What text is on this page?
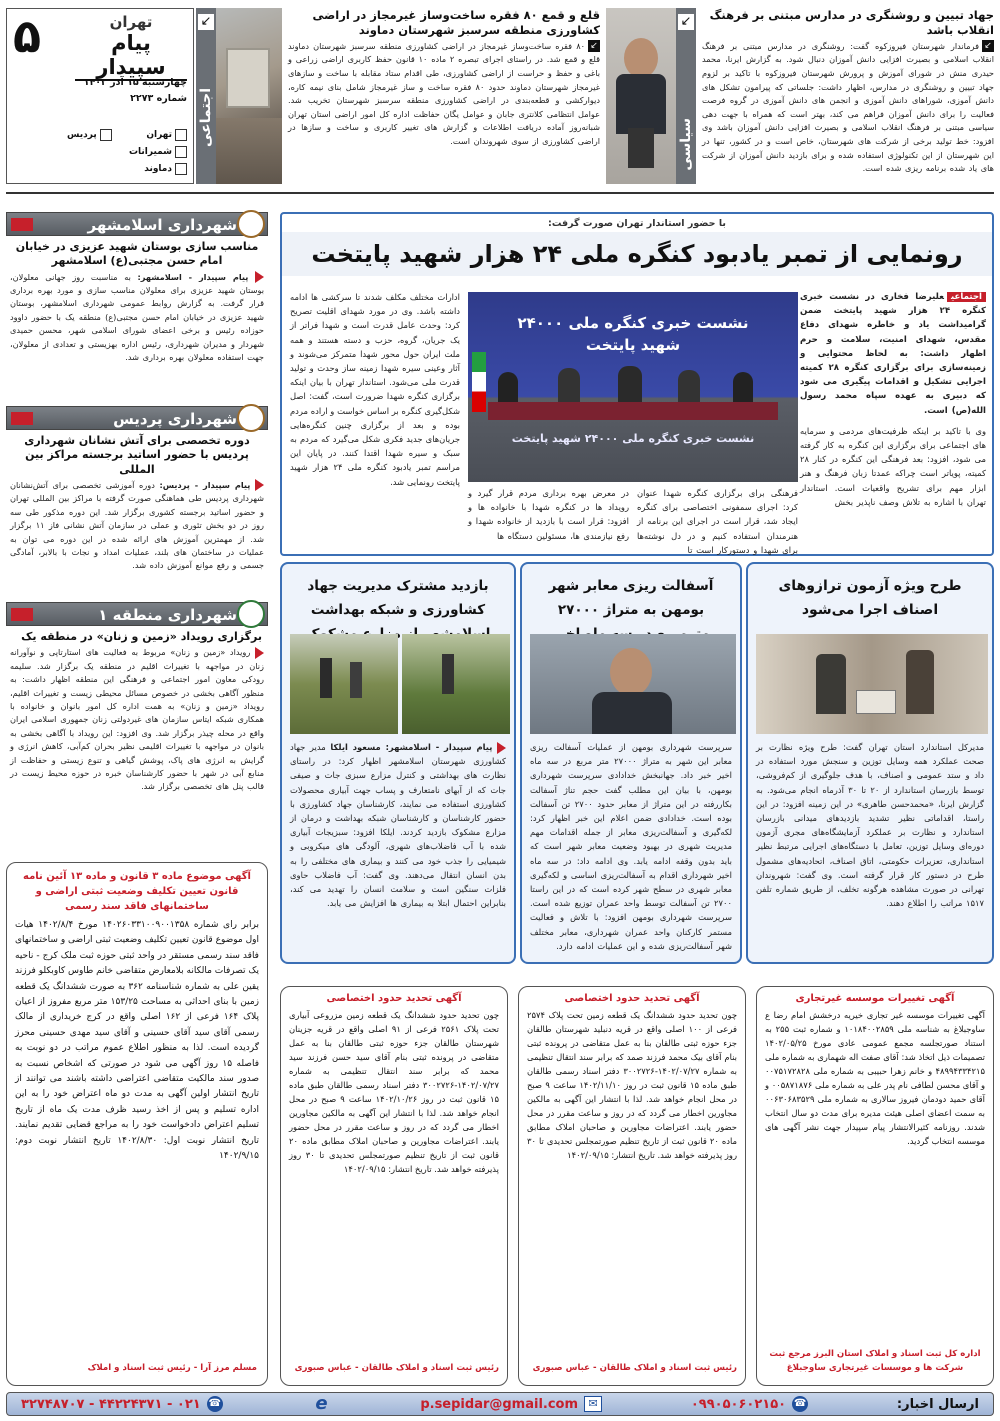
۵	تهران
پیام سپیدار
چهارشنبه ۱۵ آذر ۱۴۰۲
شماره ۲۲۷۳
تهران
پردیس
شمیرانات
دماوند
↙
اجتماعی
قلع و قمع ۸۰ فقره ساخت‌وساز غیرمجاز در اراضی کشاورزی منطقه سرسبز شهرستان دماوند

↙۸۰ فقره ساخت‌وساز غیرمجاز در اراضی کشاورزی منطقه سرسبز شهرستان دماوند قلع و قمع شد. در راستای اجرای تبصره ۲ ماده ۱۰ قانون حفظ کاربری اراضی زراعی و باغی و حفظ و حراست از اراضی کشاورزی، طی اقدام ستاد مقابله با ساخت و سازهای غیرمجاز شهرستان دماوند حدود ۸۰ فقره ساخت و ساز غیرمجاز شامل بنای نیمه کاره، دیوارکشی و قطعه‌بندی در اراضی کشاورزی منطقه سرسبز شهرستان تخریب شد. عوامل انتظامی کلانتری جابان و عوامل یگان حفاظت اداره کل امور اراضی استان تهران شبانه‌روز آماده دریافت اطلاعات و گزارش های تغییر کاربری و ساخت و سازها در اراضی کشاورزی از سوی شهروندان است.

↙
سیاسی
جهاد تبیین و روشنگری در مدارس مبتنی بر فرهنگ انقلاب باشد

↙فرماندار شهرستان فیروزکوه گفت: روشنگری در مدارس مبتنی بر فرهنگ انقلاب اسلامی و بصیرت افزایی دانش آموزان دنبال شود. به گزارش ایرنا، محمد حیدری منش در شورای آموزش و پرورش شهرستان فیروزکوه با تاکید بر لزوم جهاد تبیین و روشنگری در مدارس، اظهار داشت: جلساتی که پیرامون تشکل های دانش آموزی، شوراهای دانش آموزی و انجمن های دانش آموزی در گروه فرصت فعالیت را برای دانش آموزان فراهم می کند، بهتر است که همراه با جهت دهی سیاسی مبتنی بر فرهنگ انقلاب اسلامی و بصیرت افزایی دانش آموزان باشد وی افزود: خط تولید برخی از شرکت های شهرستان، خاص است و در کشور، تنها در این شهرستان از این تکنولوژی استفاده شده و برای بازدید دانش آموزان از شرکت های یاد شده برنامه ریزی شده است.

شهرداری اسلامشهر
مناسب سازی بوستان شهید عزیزی در خیابان امام حسن مجتبی(ع) اسلامشهر

پیام سپیدار - اسلامشهر: به مناسبت روز جهانی معلولان، بوستان شهید عزیزی برای معلولان مناسب سازی و مورد بهره برداری قرار گرفت. به گزارش روابط عمومی شهرداری اسلامشهر، بوستان شهید عزیزی در خیابان امام حسن مجتبی(ع) منطقه یک با حضور داوود حوزاده رئیس و برخی اعضای شورای اسلامی شهر، محسن حمیدی شهردار و مدیران شهرداری، رئیس اداره بهزیستی و تعدادی از معلولان، جهت استفاده معلولان بهره برداری شد.

شهرداری پردیس
دوره تخصصی برای آتش نشانان شهرداری پردیس با حضور اساتید برجسته مراکز بین المللی

پیام سپیدار - پردیس: دوره آموزشی تخصصی برای آتش‌نشانان شهرداری پردیس طی هماهنگی صورت گرفته با مراکز بین المللی تهران و حضور اساتید برجسته کشوری برگزار شد. این دوره مذکور طی سه روز در دو بخش تئوری و عملی در سازمان آتش نشانی فاز ۱۱ برگزار شد. از مهمترین آموزش های ارائه شده در این دوره می توان به عملیات در ساختمان های بلند، عملیات امداد و نجات با بالابر، آمادگی جسمی و رفع موانع آموزش داده شد.

شهرداری منطقه ۱
برگزاری رویداد «زمین و زنان» در منطقه یک

رویداد «زمین و زنان» مربوط به فعالیت های استارتاپی و نوآورانه زنان در مواجهه با تغییرات اقلیم در منطقه یک برگزار شد. سلیمه رودکی معاون امور اجتماعی و فرهنگی این منطقه اظهار داشت: به منظور آگاهی بخشی در خصوص مسائل محیطی زیست و تغییرات اقلیم، رویداد «زمین و زنان» به همت اداره کل امور بانوان و خانواده با همکاری شبکه ایتاس سازمان های غیردولتی زنان جمهوری اسلامی ایران واقع در محله چیذر برگزار شد. وی افزود: این رویداد با آگاهی بخشی به بانوان در مواجهه با تغییرات اقلیمی نظیر بحران کم‌آبی، کاهش انرژی و گرایش به انرژی های پاک، پوشش گیاهی و تنوع زیستی و حفاظت از منابع آبی در شهر با حضور کارشناسان خبره در حوزه محیط زیست در قالب پنل های تخصصی برگزار شد.

با حضور استاندار تهران صورت گرفت:
رونمایی از تمبر یادبود کنگره ملی ۲۴ هزار شهید پایتخت

اجتماعیعلیرضا فخاری در نشست خبری کنگره ۲۴ هزار شهید پایتخت ضمن گرامیداشت یاد و خاطره شهدای دفاع مقدس، شهدای امنیت، سلامت و حرم اظهار داشت: به لحاظ محتوایی و زمینه‌سازی برای برگزاری کنگره ۲۸ کمیته اجرایی تشکیل و اقدامات پیگیری می شود که دبیری به عهده سپاه محمد رسول الله(ص) است.

وی با تاکید بر اینکه ظرفیت‌های مردمی و سرمایه های اجتماعی برای برگزاری این کنگره به کار گرفته می شود، افزود: بعد فرهنگی این کنگره در کنار ۲۸ کمیته، پویاتر است چراکه عمدتا زبان فرهنگ و هنر ابزار مهم برای تشریح واقعیات است. استاندار تهران با اشاره به تلاش وصف ناپذیر بخش

نشست خبری کنگره ملی ۲۴۰۰۰ شهید پایتخت
نشست خبری کنگره ملی ۲۴۰۰۰ شهید پایتخت

فرهنگی برای برگزاری کنگره شهدا عنوان کرد: اجرای سمفونی اختصاصی برای کنگره ایجاد شد، قرار است در اجرای این برنامه از هنرمندان استفاده کنیم و در دل نوشته‌ها برای شهدا و دستورکار است تا

در معرض بهره برداری مردم قرار گیرد و رویداد ها در کنگره شهدا با خانواده ها و افزود: قرار است با بازدید از خانواده شهدا و رفع نیازمندی ها، مسئولین دستگاه ها

ادارات مختلف مکلف شدند تا سرکشی ها ادامه داشته باشد. وی در مورد شهدای اقلیت تصریح کرد: وحدت عامل قدرت است و شهدا فراتر از یک جریان، گروه، حزب و دسته هستند و همه ملت ایران حول محور شهدا متمرکز می‌شوند و آثار وعینی سیره شهدا زمینه ساز وحدت و تولید قدرت ملی می‌شود. استاندار تهران با بیان اینکه برگزاری کنگره شهدا ضرورت است، گفت: اصل شکل‌گیری کنگره بر اساس خواست و اراده مردم بوده و بعد از برگزاری چنین کنگره‌هایی جریان‌های جدید فکری شکل می‌گیرد که مردم به سبک و سیره شهدا اقتدا کنند. در پایان این مراسم تمبر یادبود کنگره ملی ۲۴ هزار شهید پایتخت رونمایی شد.
طرح ویژه آزمون ترازوهای اصناف اجرا می‌شود

مدیرکل استاندارد استان تهران گفت: طرح ویژه نظارت بر صحت عملکرد همه وسایل توزین و سنجش مورد استفاده در داد و ستد عمومی و اصناف، با هدف جلوگیری از کم‌فروشی، توسط بازرسان استاندارد از ۲۰ تا ۳۰ آذرماه انجام می‌شود. به گزارش ایرنا، «محمدحسن طاهری» در این زمینه افزود: در این راستا، اقداماتی نظیر تشدید بازدیدهای میدانی بازرسان استاندارد و نظارت بر عملکرد آزمایشگاه‌های مجری آزمون دوره‌ای وسایل توزین، تعامل با دستگاه‌های اجرایی مرتبط نظیر استانداری، تعزیرات حکومتی، اتاق اصناف، اتحادیه‌های مشمول طرح در دستور کار قرار گرفته است. وی گفت: شهروندان تهرانی در صورت مشاهده هرگونه تخلف، از طریق شماره تلفن ۱۵۱۷ مراتب را اطلاع دهند.

آسفالت ریزی معابر شهر بومهن به متراژ ۲۷۰۰۰

سرپرست شهرداری بومهن از عملیات آسفالت ریزی معابر این شهر به متراژ ۲۷۰۰۰ متر مربع در سه ماه اخیر خبر داد. جهانبخش خدادادی سرپرست شهرداری بومهن، با بیان این مطلب گفت حجم تناژ آسفالت بکاررفته در این متراژ از معابر حدود ۲۷۰۰ تن آسفالت بوده است. خدادادی ضمن اعلام این خبر اظهار کرد: لکه‌گیری و آسفالت‌ریزی معابر از جمله اقدامات مهم مدیریت شهری در بهبود وضعیت معابر شهر است که باید بدون وقفه ادامه یابد. وی ادامه داد: در سه ماه اخیر شهرداری اقدام به آسفالت‌ریزی اساسی و لکه‌گیری معابر شهری در سطح شهر کرده است که در این راستا ۲۷۰۰ تن آسفالت توسط واحد عمران توزیع شده است. سرپرست شهرداری بومهن افزود: با تلاش و فعالیت مستمر کارکنان واحد عمران شهرداری، معابر مختلف شهر آسفالت‌ریزی شده و این عملیات ادامه دارد.

بازدید مشترک مدیریت جهاد کشاورزی و شبکه بهداشت

پیام سپیدار - اسلامشهر: مسعود ایلکا مدیر جهاد کشاورزی شهرستان اسلامشهر اظهار کرد: در راستای نظارت های بهداشتی و کنترل مزارع سبزی جات و صیفی جات که از آبهای نامتعارف و پساب جهت آبیاری محصولات کشاورزی استفاده می نمایند، کارشناسان جهاد کشاورزی با حضور کارشناسان و کارشناسان شبکه بهداشت و درمان از مزارع مشکوک بازدید کردند. ایلکا افزود: سبزیجات آبیاری شده با آب فاضلاب‌های شهری، آلودگی های میکروبی و شیمیایی را جذب خود می کنند و بیماری های مختلفی را به بدن انسان انتقال می‌دهند. وی گفت: آب فاضلاب حاوی فلزات سنگین است و سلامت انسان را تهدید می کند، بنابراین احتمال ابتلا به بیماری ها افزایش می یابد.

آگهی موضوع ماده ۳ قانون و ماده ۱۳ آئین نامه قانون تعیین تکلیف وضعیت ثبتی اراضی و ساختمانهای فاقد سند رسمی

برابر رای شماره ۱۴۰۲۶۰۳۳۱۰۰۹۰۰۱۳۵۸ مورخ ۱۴۰۲/۸/۴ هیات اول موضوع قانون تعیین تکلیف وضعیت ثبتی اراضی و ساختمانهای فاقد سند رسمی مستقر در واحد ثبتی حوزه ثبت ملک کرج - ناحیه یک تصرفات مالکانه بلامعارض متقاضی خانم طاوس کاوبکلو فرزند یقین علی به شماره شناسنامه ۳۶۲ به صورت ششدانگ یک قطعه زمین با بنای احداثی به مساحت ۱۵۳/۲۵ متر مربع مفروز از اعیان پلاک ۱۶۴ فرعی از ۱۶۲ اصلی واقع در کرج خریداری از مالک رسمی آقای سید آقای حسینی و آقای سید مهدی حسینی محرز گردیده است. لذا به منظور اطلاع عموم مراتب در دو نوبت به فاصله ۱۵ روز آگهی می شود در صورتی که اشخاص نسبت به صدور سند مالکیت متقاضی اعتراضی داشته باشند می توانند از تاریخ انتشار اولین آگهی به مدت دو ماه اعتراض خود را به این اداره تسلیم و پس از اخذ رسید ظرف مدت یک ماه از تاریخ تسلیم اعتراض دادخواست خود را به مراجع قضایی تقدیم نمایند. تاریخ انتشار نوبت اول: ۱۴۰۲/۸/۳۰ تاریخ انتشار نوبت دوم: ۱۴۰۲/۹/۱۵

مسلم مرز آرا - رئیس ثبت اسناد و املاک
آگهی تحدید حدود اختصاصی

چون تحدید حدود ششدانگ یک قطعه زمین مزروعی آبیاری تحت پلاک ۲۵۶۱ فرعی از ۹۱ اصلی واقع در قریه جزینان شهرستان طالقان جزء حوزه ثبتی طالقان بنا به عمل متقاضی در پرونده ثبتی بنام آقای سید حسن فرزند سید محمد که برابر سند انتقال تنظیمی به شماره ۱۴۰۲/۰۷/۲۷-۳۰۰۲۷۲۶ دفتر اسناد رسمی طالقان طبق ماده ۱۵ قانون ثبت در روز ۱۴۰۲/۱۰/۲۶ ساعت ۹ صبح در محل انجام خواهد شد. لذا با انتشار این آگهی به مالکین مجاورین اخطار می گردد که در روز و ساعت مقرر در محل حضور یابند. اعتراضات مجاورین و صاحبان املاک مطابق ماده ۲۰ قانون ثبت از تاریخ تنظیم صورتمجلس تحدیدی تا ۳۰ روز پذیرفته خواهد شد. تاریخ انتشار: ۱۴۰۲/۰۹/۱۵

رئیس ثبت اسناد و املاک طالقان - عباس صبوری
آگهی تحدید حدود اختصاصی

چون تحدید حدود ششدانگ یک قطعه زمین تحت پلاک ۲۵۷۴ فرعی از ۱۰۰ اصلی واقع در قریه دنبلید شهرستان طالقان جزء حوزه ثبتی طالقان بنا به عمل متقاضی در پرونده ثبتی بنام آقای بیک محمد فرزند صمد که برابر سند انتقال تنظیمی به شماره ۱۴۰۲/۰۷/۲۷-۳۰۰۲۷۲۶ دفتر اسناد رسمی طالقان طبق ماده ۱۵ قانون ثبت در روز ۱۴۰۲/۱۱/۱۰ ساعت ۹ صبح در محل انجام خواهد شد. لذا با انتشار این آگهی به مالکین مجاورین اخطار می گردد که در روز و ساعت مقرر در محل حضور یابند. اعتراضات مجاورین و صاحبان املاک مطابق ماده ۲۰ قانون ثبت از تاریخ تنظیم صورتمجلس تحدیدی تا ۳۰ روز پذیرفته خواهد شد. تاریخ انتشار: ۱۴۰۲/۰۹/۱۵

رئیس ثبت اسناد و املاک طالقان - عباس صبوری
آگهی تغییرات موسسه غیرتجاری

آگهی تغییرات موسسه غیر تجاری خیریه درخشش امام رضا ع ساوجبلاغ به شناسه ملی ۱۰۱۸۴۰۰۲۸۵۹ و شماره ثبت ۲۵۵ به استناد صورتجلسه مجمع عمومی عادی مورخ ۱۴۰۲/۰۵/۲۵ تصمیمات ذیل اتخاذ شد: آقای صفت اله شهماری به شماره ملی ۴۸۹۹۴۳۳۴۲۱۵ و خانم زهرا حبیبی به شماره ملی ۰۰۷۵۱۷۲۸۲۸ و آقای محسن لطافی نام پدر علی به شماره ملی ۰۰۵۸۷۱۸۷۶ و آقای حمید دودمان فیروز سالاری به شماره ملی ۰۰۶۳۰۶۸۳۵۲۹ به سمت اعضای اصلی هیئت مدیره برای مدت دو سال انتخاب شدند. روزنامه کثیرالانتشار پیام سپیدار جهت نشر آگهی های موسسه انتخاب گردید.

اداره کل ثبت اسناد و املاک استان البرز مرجع ثبت شرکت ها و موسسات غیرتجاری ساوجبلاغ
ارسال اخبار:
☎
۰۹۹۰۵۰۶۰۲۱۵۰
✉
p.sepidar@gmail.com
e
☎
۰۲۱ - ۴۴۲۲۴۳۷۱ - ۳۲۷۴۸۷۰۷
